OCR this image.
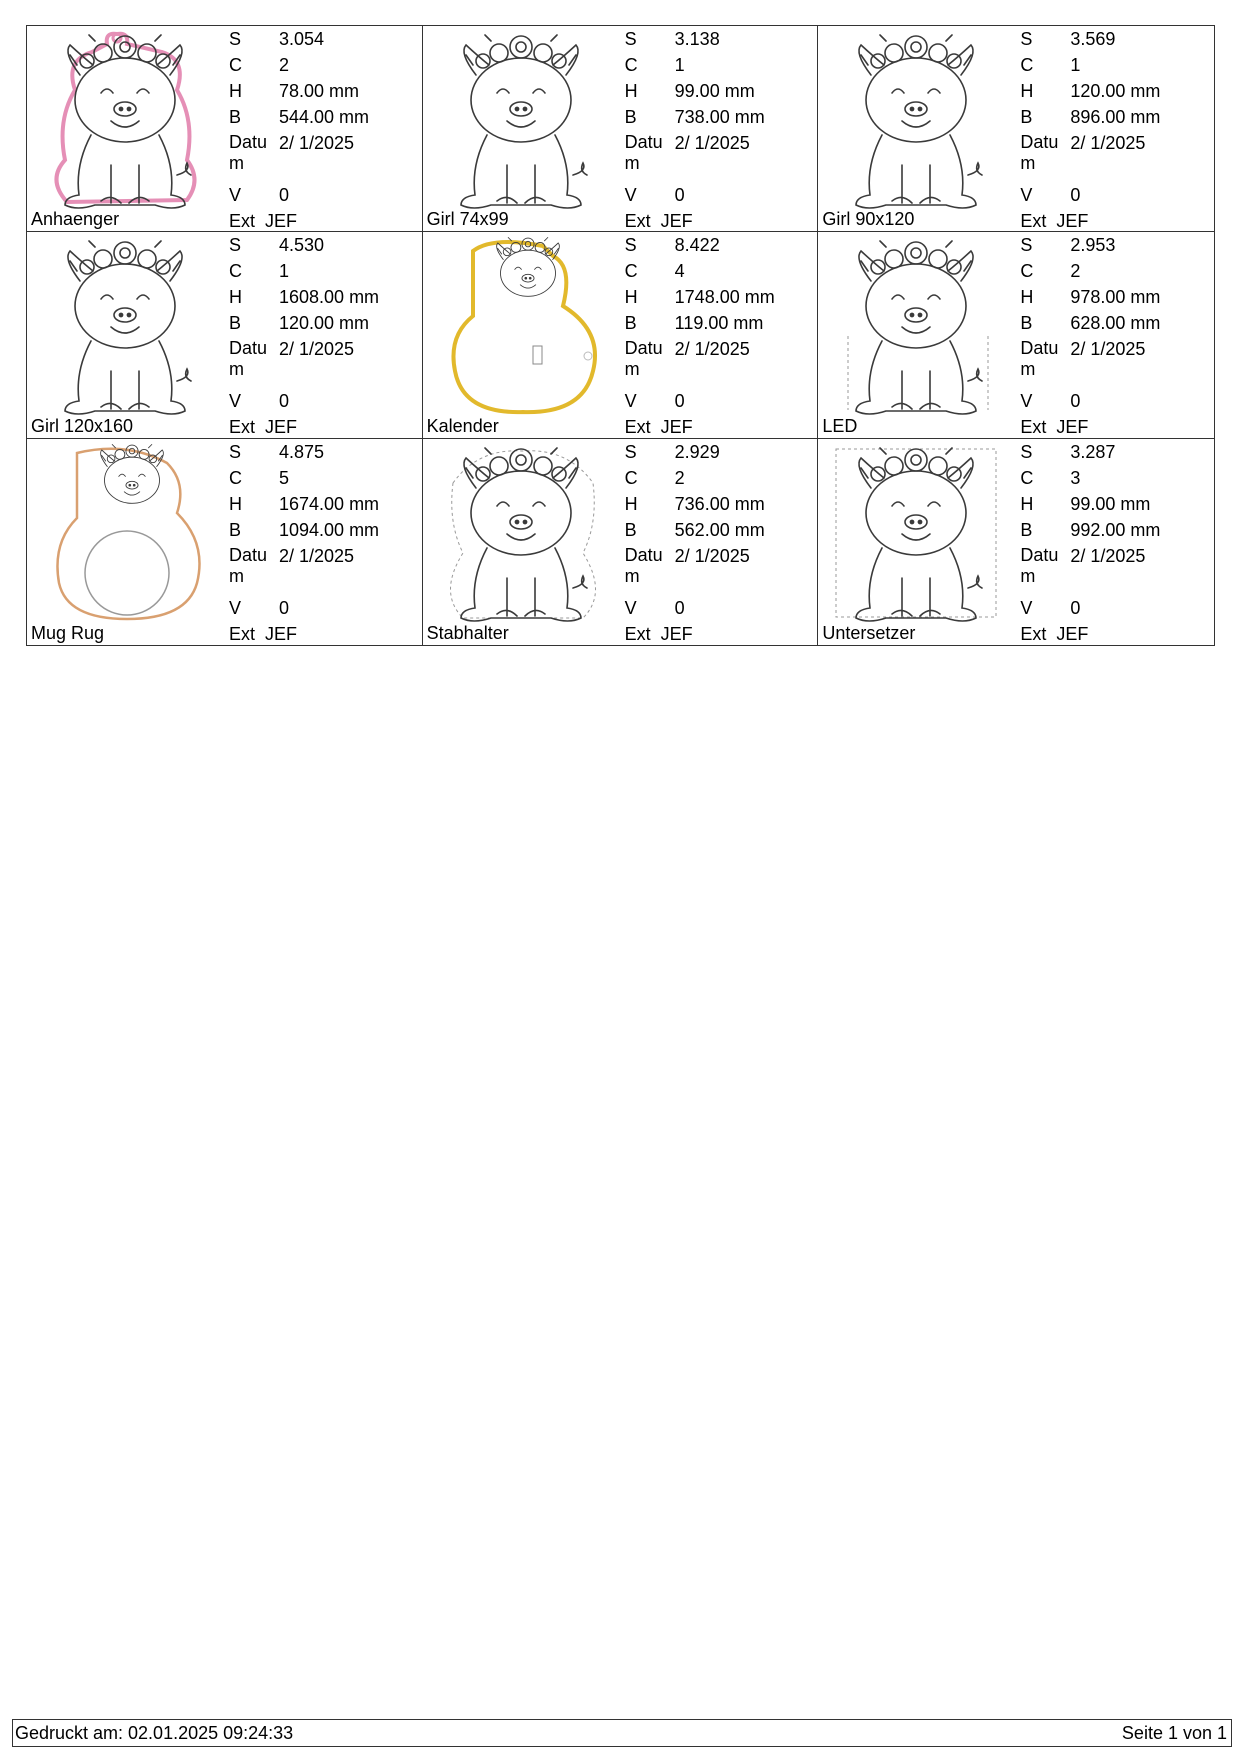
Anhaenger
S 3.054
C 2
H 78.00 mm
B 544.00 mm
Datum
2/ 1/2025
V 0
Ext JEF	Girl 74x99
S 3.138
C 1
H 99.00 mm
B 738.00 mm
Datum
2/ 1/2025
V 0
Ext JEF	Girl 90x120
S 3.569
C 1
H 120.00 mm
B 896.00 mm
Datum
2/ 1/2025
V 0
Ext JEF
Girl 120x160
S 4.530
C 1
H 1608.00 mm
B 120.00 mm
Datum
2/ 1/2025
V 0
Ext JEF	Kalender
S 8.422
C 4
H 1748.00 mm
B 119.00 mm
Datum
2/ 1/2025
V 0
Ext JEF	LED
S 2.953
C 2
H 978.00 mm
B 628.00 mm
Datum
2/ 1/2025
V 0
Ext JEF
Mug Rug
S 4.875
C 5
H 1674.00 mm
B 1094.00 mm
Datum
2/ 1/2025
V 0
Ext JEF	Stabhalter
S 2.929
C 2
H 736.00 mm
B 562.00 mm
Datum
2/ 1/2025
V 0
Ext JEF	Untersetzer
S 3.287
C 3
H 99.00 mm
B 992.00 mm
Datum
2/ 1/2025
V 0
Ext JEF
Gedruckt am: 02.01.2025 09:24:33	Seite 1 von 1
